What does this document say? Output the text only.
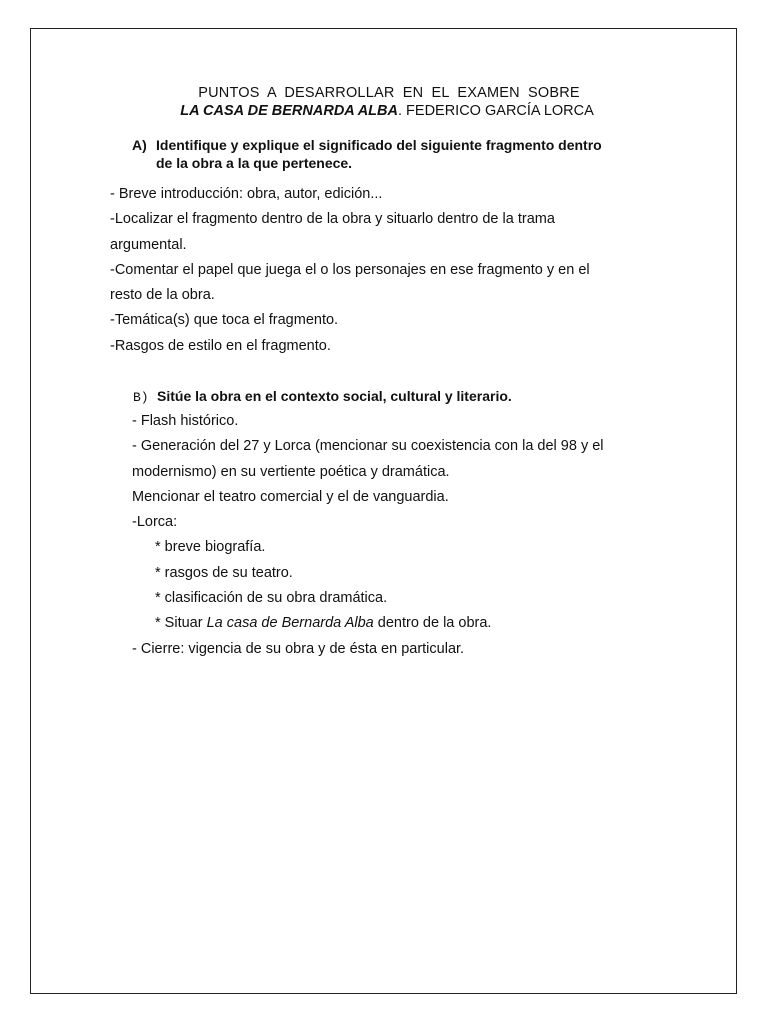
PUNTOS A DESARROLLAR EN EL EXAMEN SOBRE
LA CASA DE BERNARDA ALBA. FEDERICO GARCÍA LORCA
A) Identifique y explique el significado del siguiente fragmento dentro
de la obra a la que pertenece.
- Breve introducción: obra, autor, edición...
-Localizar el fragmento dentro de la obra y situarlo dentro de la trama
argumental.
-Comentar el papel que juega el o los personajes en ese fragmento y en el
resto de la obra.
-Temática(s) que toca el fragmento.
-Rasgos de estilo en el fragmento.
B) Sitúe la obra en el contexto social, cultural y literario.
- Flash histórico.
- Generación del 27 y Lorca (mencionar su coexistencia con la del 98 y el
modernismo) en su vertiente poética y dramática.
Mencionar el teatro comercial y el de vanguardia.
-Lorca:
* breve biografía.
* rasgos de su teatro.
* clasificación de su obra dramática.
* Situar La casa de Bernarda Alba dentro de la obra.
- Cierre: vigencia de su obra y de ésta en particular.
